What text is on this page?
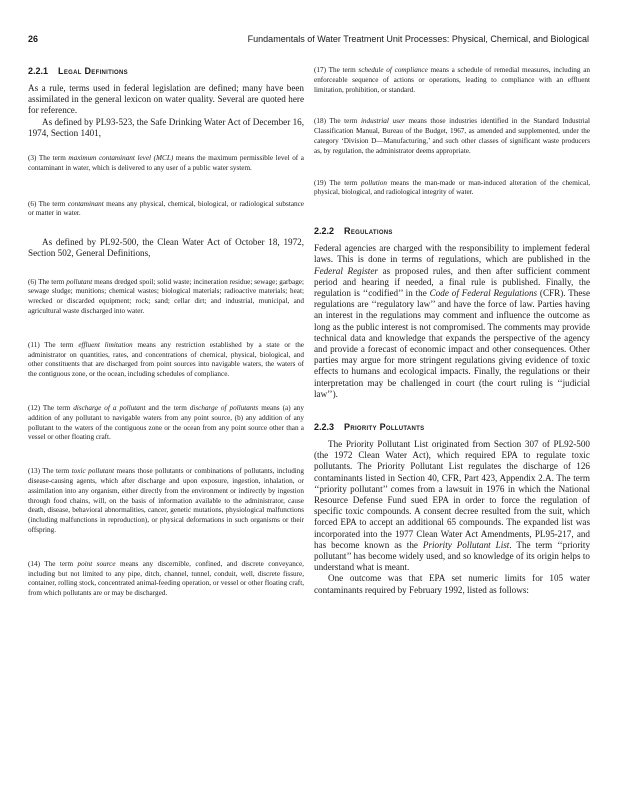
26	Fundamentals of Water Treatment Unit Processes: Physical, Chemical, and Biological
2.2.1 Legal Definitions

As a rule, terms used in federal legislation are defined; many have been assimilated in the general lexicon on water quality. Several are quoted here for reference.

As defined by PL93-523, the Safe Drinking Water Act of December 16, 1974, Section 1401,

(3) The term maximum contaminant level (MCL) means the maximum permissible level of a contaminant in water, which is delivered to any user of a public water system.

(6) The term contaminant means any physical, chemical, biological, or radiological substance or matter in water.

As defined by PL92-500, the Clean Water Act of October 18, 1972, Section 502, General Definitions,

(6) The term pollutant means dredged spoil; solid waste; incineration residue; sewage; garbage; sewage sludge; munitions; chemical wastes; biological materials; radioactive materials; heat; wrecked or discarded equipment; rock; sand; cellar dirt; and industrial, municipal, and agricultural waste discharged into water.

(11) The term effluent limitation means any restriction established by a state or the administrator on quantities, rates, and concentrations of chemical, physical, biological, and other constituents that are discharged from point sources into navigable waters, the waters of the contiguous zone, or the ocean, including schedules of compliance.

(12) The term discharge of a pollutant and the term discharge of pollutants means (a) any addition of any pollutant to navigable waters from any point source, (b) any addition of any pollutant to the waters of the contiguous zone or the ocean from any point source other than a vessel or other floating craft.

(13) The term toxic pollutant means those pollutants or combinations of pollutants, including disease-causing agents, which after discharge and upon exposure, ingestion, inhalation, or assimilation into any organism, either directly from the environment or indirectly by ingestion through food chains, will, on the basis of information available to the administrator, cause death, disease, behavioral abnormalities, cancer, genetic mutations, physiological malfunctions (including malfunctions in reproduction), or physical deformations in such organisms or their offspring.

(14) The term point source means any discernible, confined, and discrete conveyance, including but not limited to any pipe, ditch, channel, tunnel, conduit, well, discrete fissure, container, rolling stock, concentrated animal-feeding operation, or vessel or other floating craft, from which pollutants are or may be discharged.

(17) The term schedule of compliance means a schedule of remedial measures, including an enforceable sequence of actions or operations, leading to compliance with an effluent limitation, prohibition, or standard.

(18) The term industrial user means those industries identified in the Standard Industrial Classification Manual, Bureau of the Budget, 1967, as amended and supplemented, under the category ‘Division D—Manufacturing,’ and such other classes of significant waste producers as, by regulation, the administrator deems appropriate.

(19) The term pollution means the man-made or man-induced alteration of the chemical, physical, biological, and radiological integrity of water.

2.2.2 Regulations

Federal agencies are charged with the responsibility to implement federal laws. This is done in terms of regulations, which are published in the Federal Register as proposed rules, and then after sufficient comment period and hearing if needed, a final rule is published. Finally, the regulation is ‘‘codified’’ in the Code of Federal Regulations (CFR). These regulations are ‘‘regulatory law’’ and have the force of law. Parties having an interest in the regulations may comment and influence the outcome as long as the public interest is not compromised. The comments may provide technical data and knowledge that expands the perspective of the agency and provide a forecast of economic impact and other consequences. Other parties may argue for more stringent regulations giving evidence of toxic effects to humans and ecological impacts. Finally, the regulations or their interpretation may be challenged in court (the court ruling is ‘‘judicial law’’).

2.2.3 Priority Pollutants

The Priority Pollutant List originated from Section 307 of PL92-500 (the 1972 Clean Water Act), which required EPA to regulate toxic pollutants. The Priority Pollutant List regulates the discharge of 126 contaminants listed in Section 40, CFR, Part 423, Appendix 2.A. The term ‘‘priority pollutant’’ comes from a lawsuit in 1976 in which the National Resource Defense Fund sued EPA in order to force the regulation of specific toxic compounds. A consent decree resulted from the suit, which forced EPA to accept an additional 65 compounds. The expanded list was incorporated into the 1977 Clean Water Act Amendments, PL95-217, and has become known as the Priority Pollutant List. The term ‘‘priority pollutant’’ has become widely used, and so knowledge of its origin helps to understand what is meant.

One outcome was that EPA set numeric limits for 105 water contaminants required by February 1992, listed as follows:
